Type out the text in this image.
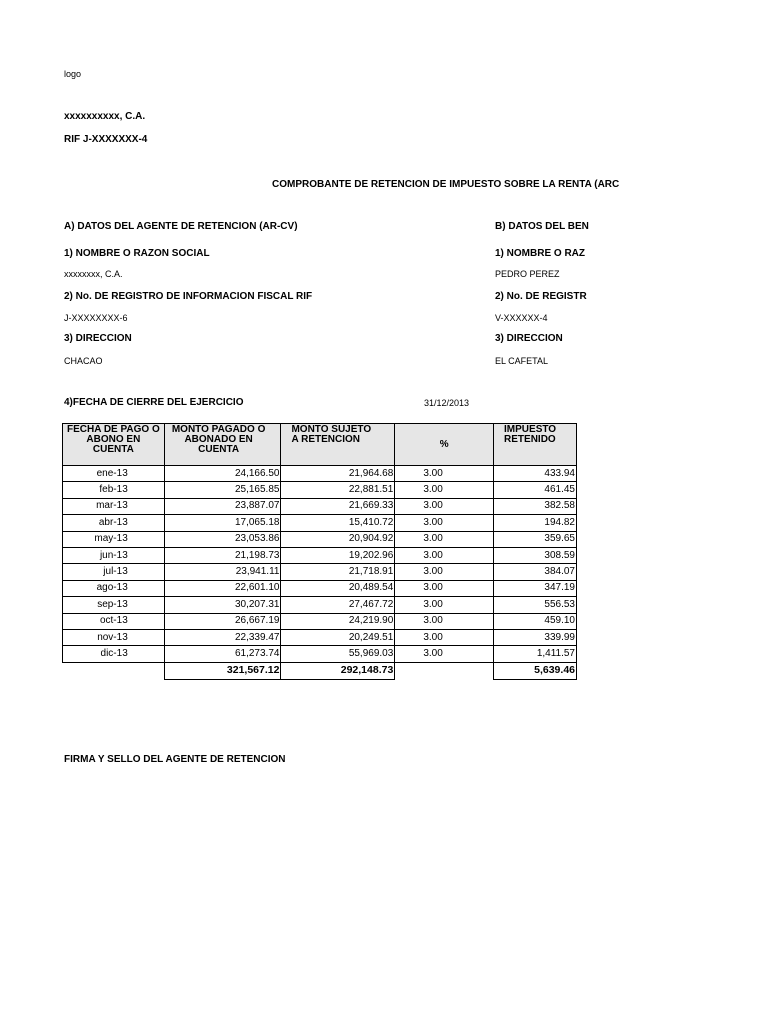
logo
xxxxxxxxxx, C.A.
RIF J-XXXXXXX-4
COMPROBANTE DE RETENCION DE IMPUESTO SOBRE LA RENTA (ARC
A) DATOS DEL AGENTE DE RETENCION (AR-CV)
1) NOMBRE O RAZON SOCIAL
xxxxxxxx, C.A.
2) No. DE REGISTRO DE INFORMACION FISCAL RIF
J-XXXXXXXX-6
3) DIRECCION
CHACAO
B) DATOS DEL BEN
1) NOMBRE O RAZ
PEDRO PEREZ
2) No. DE REGISTR
V-XXXXXX-4
3) DIRECCION
EL CAFETAL
4)FECHA DE CIERRE DEL EJERCICIO	31/12/2013
FECHA DE PAGO O ABONO EN CUENTA	MONTO PAGADO O ABONADO EN CUENTA	MONTO SUJETO A RETENCION	%	IMPUESTO RETENIDO
ene-13	24,166.50	21,964.68	3.00	433.94
feb-13	25,165.85	22,881.51	3.00	461.45
mar-13	23,887.07	21,669.33	3.00	382.58
abr-13	17,065.18	15,410.72	3.00	194.82
may-13	23,053.86	20,904.92	3.00	359.65
jun-13	21,198.73	19,202.96	3.00	308.59
jul-13	23,941.11	21,718.91	3.00	384.07
ago-13	22,601.10	20,489.54	3.00	347.19
sep-13	30,207.31	27,467.72	3.00	556.53
oct-13	26,667.19	24,219.90	3.00	459.10
nov-13	22,339.47	20,249.51	3.00	339.99
dic-13	61,273.74	55,969.03	3.00	1,411.57
	321,567.12	292,148.73		5,639.46
FIRMA Y SELLO DEL AGENTE DE RETENCION
